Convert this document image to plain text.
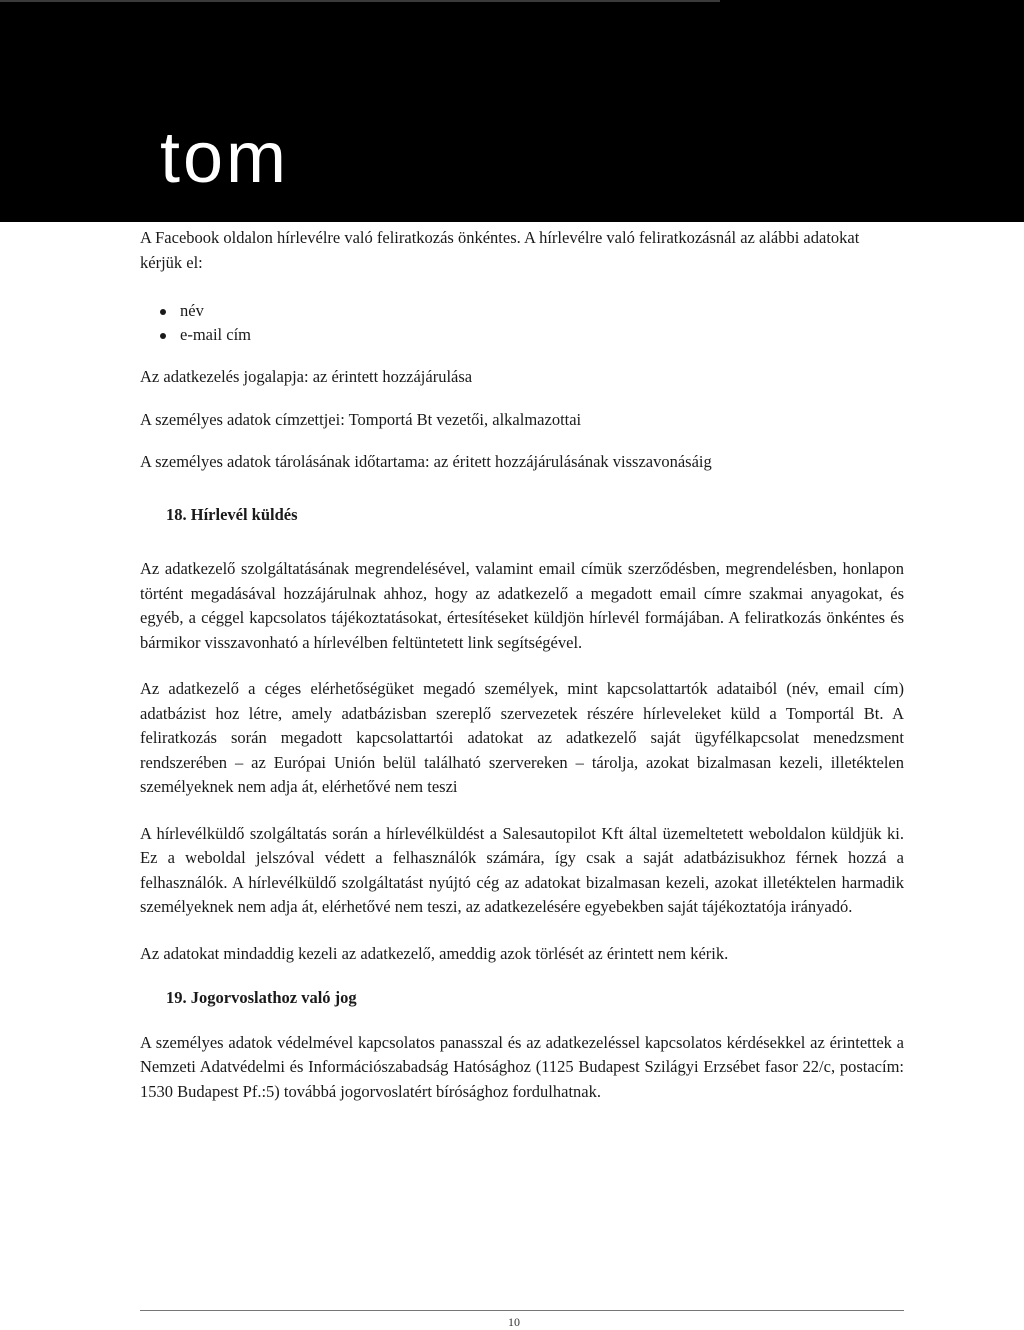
tom

A Facebook oldalon hírlevélre való feliratkozás önkéntes. A hírlevélre való feliratkozásnál az alábbi adatokat kérjük el:

név
e-mail cím

Az adatkezelés jogalapja: az érintett hozzájárulása

A személyes adatok címzettjei: Tomportá Bt vezetői, alkalmazottai

A személyes adatok tárolásának időtartama: az éritett hozzájárulásának visszavonásáig

18. Hírlevél küldés

Az adatkezelő szolgáltatásának megrendelésével, valamint email címük szerződésben, megrendelésben, honlapon történt megadásával hozzájárulnak ahhoz, hogy az adatkezelő a megadott email címre szakmai anyagokat, és egyéb, a céggel kapcsolatos tájékoztatásokat, értesítéseket küldjön hírlevél formájában. A feliratkozás önkéntes és bármikor visszavonható a hírlevélben feltüntetett link segítségével.

Az adatkezelő a céges elérhetőségüket megadó személyek, mint kapcsolattartók adataiból (név, email cím) adatbázist hoz létre, amely adatbázisban szereplő szervezetek részére hírleveleket küld a Tomportál Bt. A feliratkozás során megadott kapcsolattartói adatokat az adatkezelő saját ügyfélkapcsolat menedzsment rendszerében – az Európai Unión belül található szervereken – tárolja, azokat bizalmasan kezeli, illetéktelen személyeknek nem adja át, elérhetővé nem teszi

A hírlevélküldő szolgáltatás során a hírlevélküldést a Salesautopilot Kft által üzemeltetett weboldalon küldjük ki. Ez a weboldal jelszóval védett a felhasználók számára, így csak a saját adatbázisukhoz férnek hozzá a felhasználók. A hírlevélküldő szolgáltatást nyújtó cég az adatokat bizalmasan kezeli, azokat illetéktelen harmadik személyeknek nem adja át, elérhetővé nem teszi, az adatkezelésére egyebekben saját tájékoztatója irányadó.

Az adatokat mindaddig kezeli az adatkezelő, ameddig azok törlését az érintett nem kérik.

19. Jogorvoslathoz való jog

A személyes adatok védelmével kapcsolatos panasszal és az adatkezeléssel kapcsolatos kérdésekkel az érintettek a Nemzeti Adatvédelmi és Információszabadság Hatósághoz (1125 Budapest Szilágyi Erzsébet fasor 22/c, postacím: 1530 Budapest Pf.:5) továbbá jogorvoslatért bírósághoz fordulhatnak.

10
